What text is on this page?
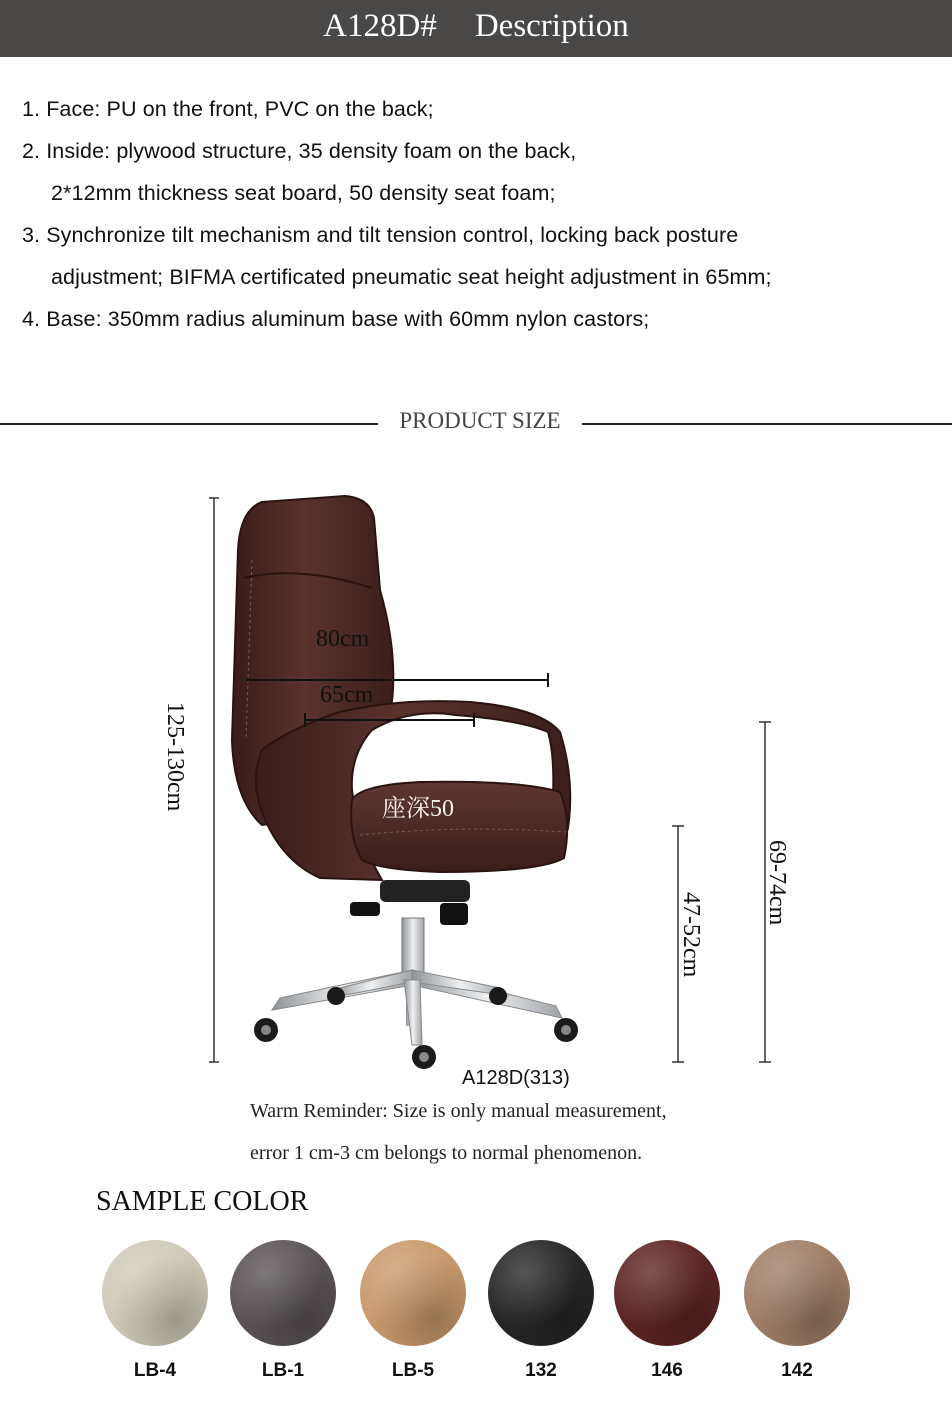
A128D# Description
1. Face: PU on the front, PVC on the back;
2. Inside: plywood structure, 35 density foam on the back,
2*12mm thickness seat board, 50 density seat foam;
3. Synchronize tilt mechanism and tilt tension control, locking back posture
adjustment; BIFMA certificated pneumatic seat height adjustment in 65mm;
4. Base: 350mm radius aluminum base with 60mm nylon castors;
PRODUCT SIZE
125-130cm
80cm
65cm
座深50
47-52cm
69-74cm
A128D(313)
Warm Reminder: Size is only manual measurement,
error 1 cm-3 cm belongs to normal phenomenon.
SAMPLE COLOR
LB-4	LB-1	LB-5	132	146	142
